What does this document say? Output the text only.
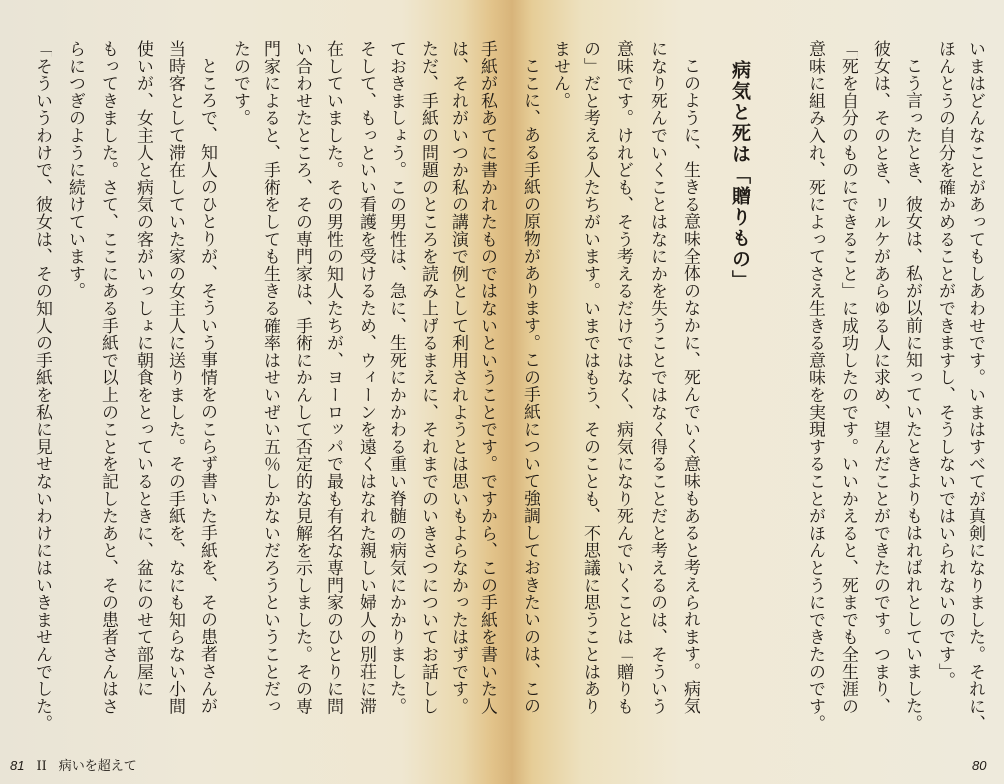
手紙が私あてに書かれたものではないということです。ですから、この手紙を書いた人
は、それがいつか私の講演で例として利用されようとは思いもよらなかったはずです。
ただ、手紙の問題のところを読み上げるまえに、それまでのいきさつについてお話しし
ておきましょう。この男性は、急に、生死にかかわる重い脊髄の病気にかかりました。
そして、もっといい看護を受けるため、ウィーンを遠くはなれた親しい婦人の別荘に滞
在していました。その男性の知人たちが、ヨーロッパで最も有名な専門家のひとりに問
い合わせたところ、その専門家は、手術にかんして否定的な見解を示しました。その専
門家によると、手術をしても生きる確率はせいぜい五％しかないだろうということだっ
たのです。
ところで、知人のひとりが、そういう事情をのこらず書いた手紙を、その患者さんが
当時客として滞在していた家の女主人に送りました。その手紙を、なにも知らない小間
使いが、女主人と病気の客がいっしょに朝食をとっているときに、盆にのせて部屋に
もってきました。さて、ここにある手紙で以上のことを記したあと、その患者さんはさ
らにつぎのように続けています。
「そういうわけで、彼女は、その知人の手紙を私に見せないわけにはいきませんでした。
81 II 病いを超えて
いまはどんなことがあってもしあわせです。いまはすべてが真剣になりました。それに、
ほんとうの自分を確かめることができますし、そうしないではいられないのです」。
こう言ったとき、彼女は、私が以前に知っていたときよりもはればれとしていました。
彼女は、そのとき、リルケがあらゆる人に求め、望んだことができたのです。つまり、
「死を自分のものにできること」に成功したのです。いいかえると、死までも全生涯の
意味に組み入れ、死によってさえ生きる意味を実現することがほんとうにできたのです。
病気と死は「贈りもの」
このように、生きる意味全体のなかに、死んでいく意味もあると考えられます。病気
になり死んでいくことはなにかを失うことではなく得ることだと考えるのは、そういう
意味です。けれども、そう考えるだけではなく、病気になり死んでいくことは「贈りも
の」だと考える人たちがいます。いまではもう、そのことも、不思議に思うことはあり
ません。
ここに、ある手紙の原物があります。この手紙について強調しておきたいのは、この
80
